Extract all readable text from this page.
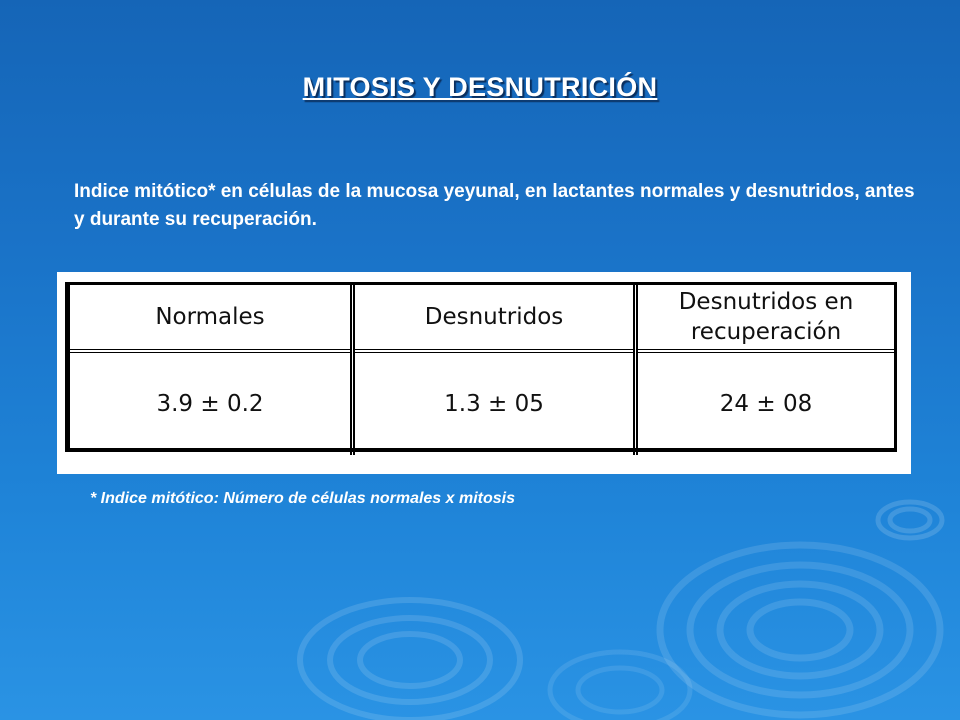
MITOSIS Y DESNUTRICIÓN
Indice mitótico* en células de la mucosa yeyunal, en lactantes normales y desnutridos, antes y durante su recuperación.
Normales	Desnutridos	Desnutridos en recuperación
3.9 ± 0.2	1.3 ± 05	24 ± 08
* Indice mitótico: Número de células normales x mitosis
